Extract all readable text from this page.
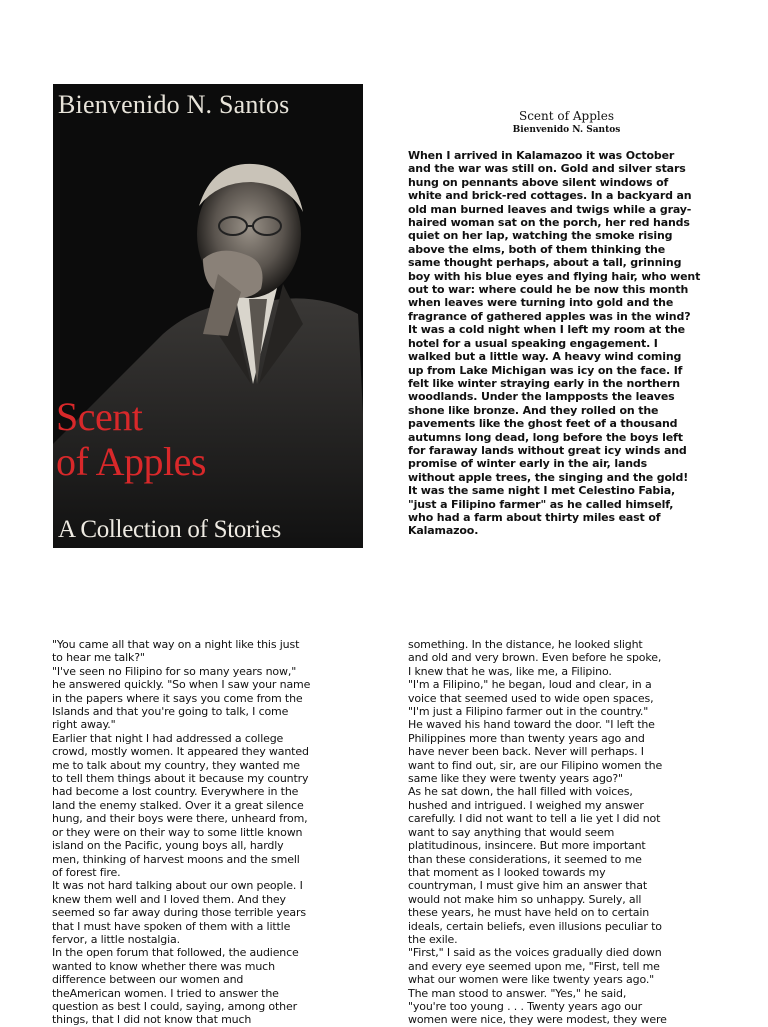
Bienvenido N. Santos
Scent
of Apples
A Collection of Stories
Scent of Apples
Bienvenido N. Santos

When I arrived in Kalamazoo it was October

and the war was still on. Gold and silver stars

hung on pennants above silent windows of

white and brick-red cottages. In a backyard an

old man burned leaves and twigs while a gray-

haired woman sat on the porch, her red hands

quiet on her lap, watching the smoke rising

above the elms, both of them thinking the

same thought perhaps, about a tall, grinning

boy with his blue eyes and flying hair, who went

out to war: where could he be now this month

when leaves were turning into gold and the

fragrance of gathered apples was in the wind?

It was a cold night when I left my room at the

hotel for a usual speaking engagement. I

walked but a little way. A heavy wind coming

up from Lake Michigan was icy on the face. If

felt like winter straying early in the northern

woodlands. Under the lampposts the leaves

shone like bronze. And they rolled on the

pavements like the ghost feet of a thousand

autumns long dead, long before the boys left

for faraway lands without great icy winds and

promise of winter early in the air, lands

without apple trees, the singing and the gold!

It was the same night I met Celestino Fabia,

"just a Filipino farmer" as he called himself,

who had a farm about thirty miles east of

Kalamazoo.

"You came all that way on a night like this just

to hear me talk?"

"I've seen no Filipino for so many years now,"

he answered quickly. "So when I saw your name

in the papers where it says you come from the

Islands and that you're going to talk, I come

right away."

Earlier that night I had addressed a college

crowd, mostly women. It appeared they wanted

me to talk about my country, they wanted me

to tell them things about it because my country

had become a lost country. Everywhere in the

land the enemy stalked. Over it a great silence

hung, and their boys were there, unheard from,

or they were on their way to some little known

island on the Pacific, young boys all, hardly

men, thinking of harvest moons and the smell

of forest fire.

It was not hard talking about our own people. I

knew them well and I loved them. And they

seemed so far away during those terrible years

that I must have spoken of them with a little

fervor, a little nostalgia.

In the open forum that followed, the audience

wanted to know whether there was much

difference between our women and

theAmerican women. I tried to answer the

question as best I could, saying, among other

things, that I did not know that much

something. In the distance, he looked slight

and old and very brown. Even before he spoke,

I knew that he was, like me, a Filipino.

"I'm a Filipino," he began, loud and clear, in a

voice that seemed used to wide open spaces,

"I'm just a Filipino farmer out in the country."

He waved his hand toward the door. "I left the

Philippines more than twenty years ago and

have never been back. Never will perhaps. I

want to find out, sir, are our Filipino women the

same like they were twenty years ago?"

As he sat down, the hall filled with voices,

hushed and intrigued. I weighed my answer

carefully. I did not want to tell a lie yet I did not

want to say anything that would seem

platitudinous, insincere. But more important

than these considerations, it seemed to me

that moment as I looked towards my

countryman, I must give him an answer that

would not make him so unhappy. Surely, all

these years, he must have held on to certain

ideals, certain beliefs, even illusions peculiar to

the exile.

"First," I said as the voices gradually died down

and every eye seemed upon me, "First, tell me

what our women were like twenty years ago."

The man stood to answer. "Yes," he said,

"you're too young . . . Twenty years ago our

women were nice, they were modest, they were
